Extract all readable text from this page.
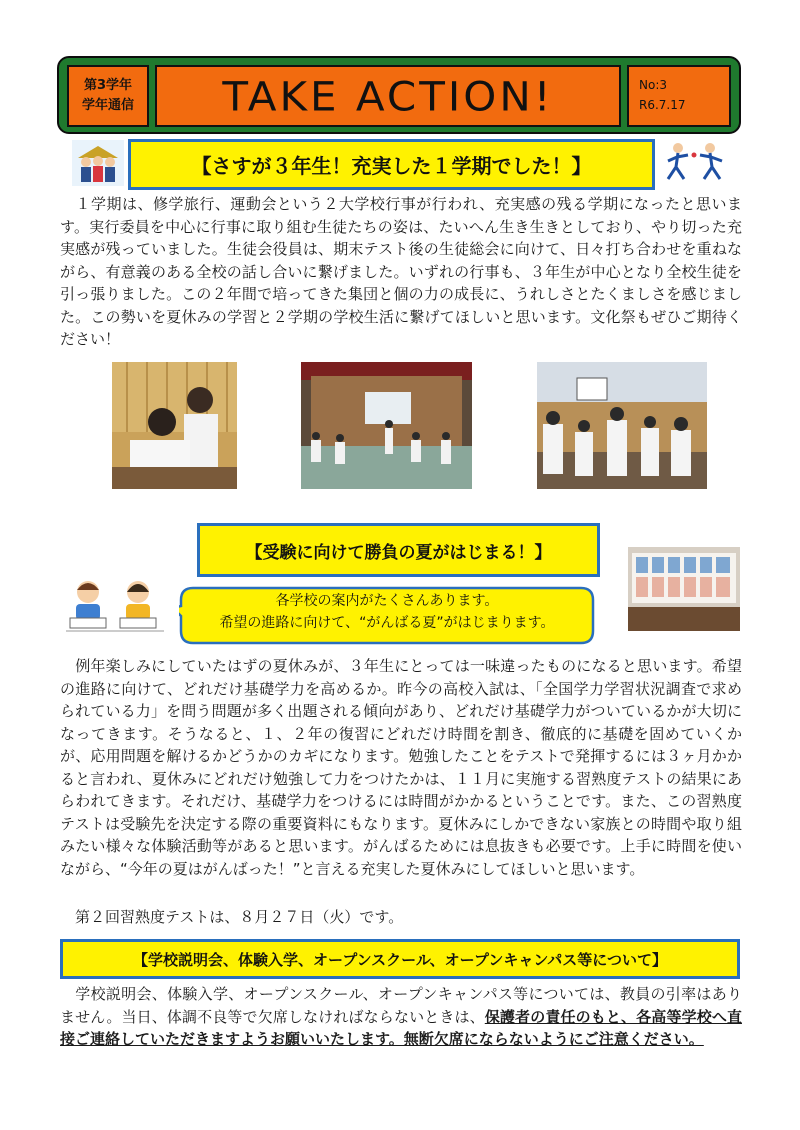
第3学年
学年通信 TAKE ACTION!	No:3
R6.7.17
【さすが３年生！充実した１学期でした！】

　１学期は、修学旅行、運動会という２大学校行事が行われ、充実感の残る学期になったと思います。実行委員を中心に行事に取り組む生徒たちの姿は、たいへん生き生きとしており、やり切った充実感が残っていました。生徒会役員は、期末テスト後の生徒総会に向けて、日々打ち合わせを重ねながら、有意義のある全校の話し合いに繋げました。いずれの行事も、３年生が中心となり全校生徒を引っ張りました。この２年間で培ってきた集団と個の力の成長に、うれしさとたくましさを感じました。この勢いを夏休みの学習と２学期の学校生活に繋げてほしいと思います。文化祭もぜひご期待ください！

【受験に向けて勝負の夏がはじまる！】
各学校の案内がたくさんあります。
希望の進路に向けて、“がんばる夏”がはじまります。

　例年楽しみにしていたはずの夏休みが、３年生にとっては一味違ったものになると思います。希望の進路に向けて、どれだけ基礎学力を高めるか。昨今の高校入試は、「全国学力学習状況調査で求められている力」を問う問題が多く出題される傾向があり、どれだけ基礎学力がついているかが大切になってきます。そうなると、１、２年の復習にどれだけ時間を割き、徹底的に基礎を固めていくかが、応用問題を解けるかどうかのカギになります。勉強したことをテストで発揮するには３ヶ月かかると言われ、夏休みにどれだけ勉強して力をつけたかは、１１月に実施する習熟度テストの結果にあらわれてきます。それだけ、基礎学力をつけるには時間がかかるということです。また、この習熟度テストは受験先を決定する際の重要資料にもなります。夏休みにしかできない家族との時間や取り組みたい様々な体験活動等があると思います。がんばるためには息抜きも必要です。上手に時間を使いながら、“今年の夏はがんばった！”と言える充実した夏休みにしてほしいと思います。

　第２回習熟度テストは、８月２７日（火）です。

【学校説明会、体験入学、オープンスクール、オープンキャンパス等について】

　学校説明会、体験入学、オープンスクール、オープンキャンパス等については、教員の引率はありません。当日、体調不良等で欠席しなければならないときは、保護者の責任のもと、各高等学校へ直接ご連絡していただきますようお願いいたします。無断欠席にならないようにご注意ください。
